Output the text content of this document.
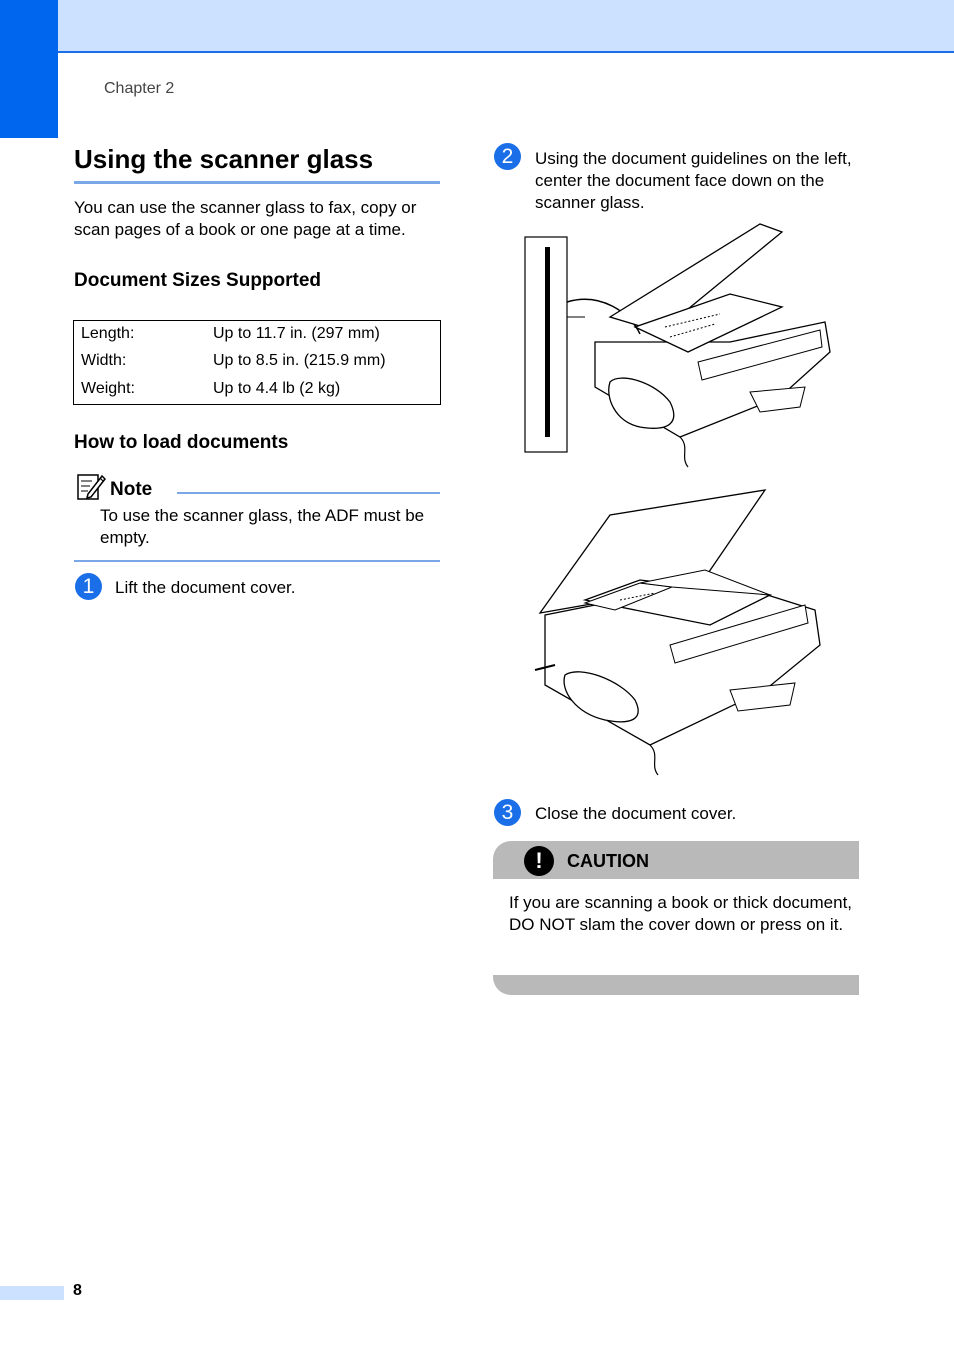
Chapter 2
Using the scanner glass
You can use the scanner glass to fax, copy or scan pages of a book or one page at a time.
Document Sizes Supported
Length:	Up to 11.7 in. (297 mm)
Width:	Up to 8.5 in. (215.9 mm)
Weight:	Up to 4.4 lb (2 kg)
How to load documents
Note
To use the scanner glass, the ADF must be empty.
1	Lift the document cover.
2	Using the document guidelines on the left, center the document face down on the scanner glass.
3	Close the document cover.
!	CAUTION
If you are scanning a book or thick document, DO NOT slam the cover down or press on it.
8
